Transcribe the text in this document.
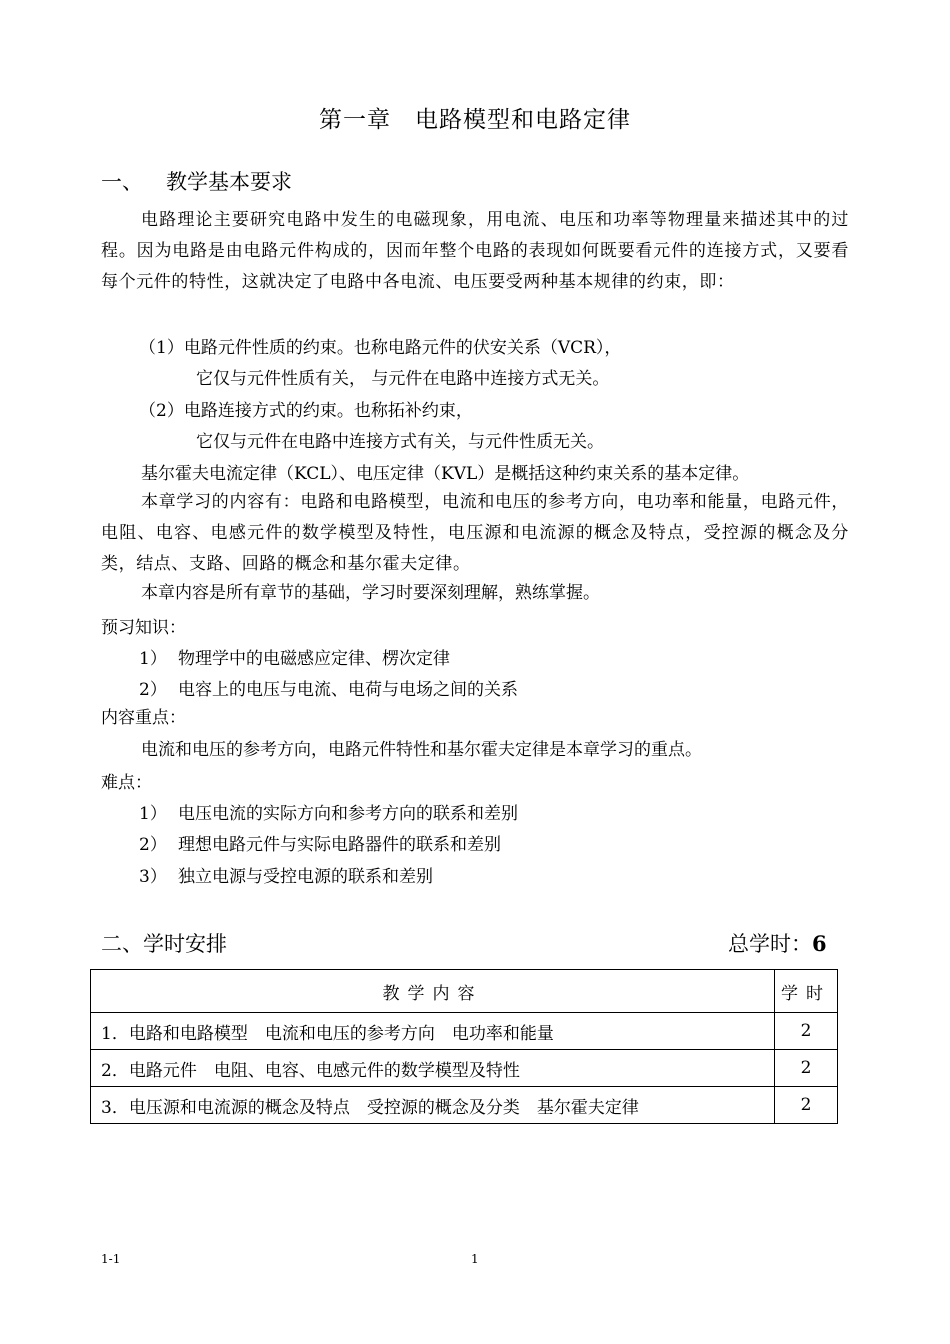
第一章　电路模型和电路定律
一、 教学基本要求
电路理论主要研究电路中发生的电磁现象，用电流、电压和功率等物理量来描述其中的过程。因为电路是由电路元件构成的，因而年整个电路的表现如何既要看元件的连接方式，又要看每个元件的特性，这就决定了电路中各电流、电压要受两种基本规律的约束，即：
（1）电路元件性质的约束。也称电路元件的伏安关系（VCR），
它仅与元件性质有关， 与元件在电路中连接方式无关。
（2）电路连接方式的约束。也称拓补约束，
它仅与元件在电路中连接方式有关，与元件性质无关。
基尔霍夫电流定律（KCL）、电压定律（KVL）是概括这种约束关系的基本定律。
本章学习的内容有：电路和电路模型，电流和电压的参考方向，电功率和能量，电路元件，电阻、电容、电感元件的数学模型及特性，电压源和电流源的概念及特点，受控源的概念及分类，结点、支路、回路的概念和基尔霍夫定律。
本章内容是所有章节的基础，学习时要深刻理解，熟练掌握。
预习知识：
1） 物理学中的电磁感应定律、楞次定律
2） 电容上的电压与电流、电荷与电场之间的关系
内容重点：
电流和电压的参考方向，电路元件特性和基尔霍夫定律是本章学习的重点。
难点：
1） 电压电流的实际方向和参考方向的联系和差别
2） 理想电路元件与实际电路器件的联系和差别
3） 独立电源与受控电源的联系和差别
二、学时安排	总学时：6
教学内容	学时
1．电路和电路模型　电流和电压的参考方向　电功率和能量	2
2．电路元件　电阻、电容、电感元件的数学模型及特性	2
3．电压源和电流源的概念及特点　受控源的概念及分类　基尔霍夫定律	2
1-1	1
